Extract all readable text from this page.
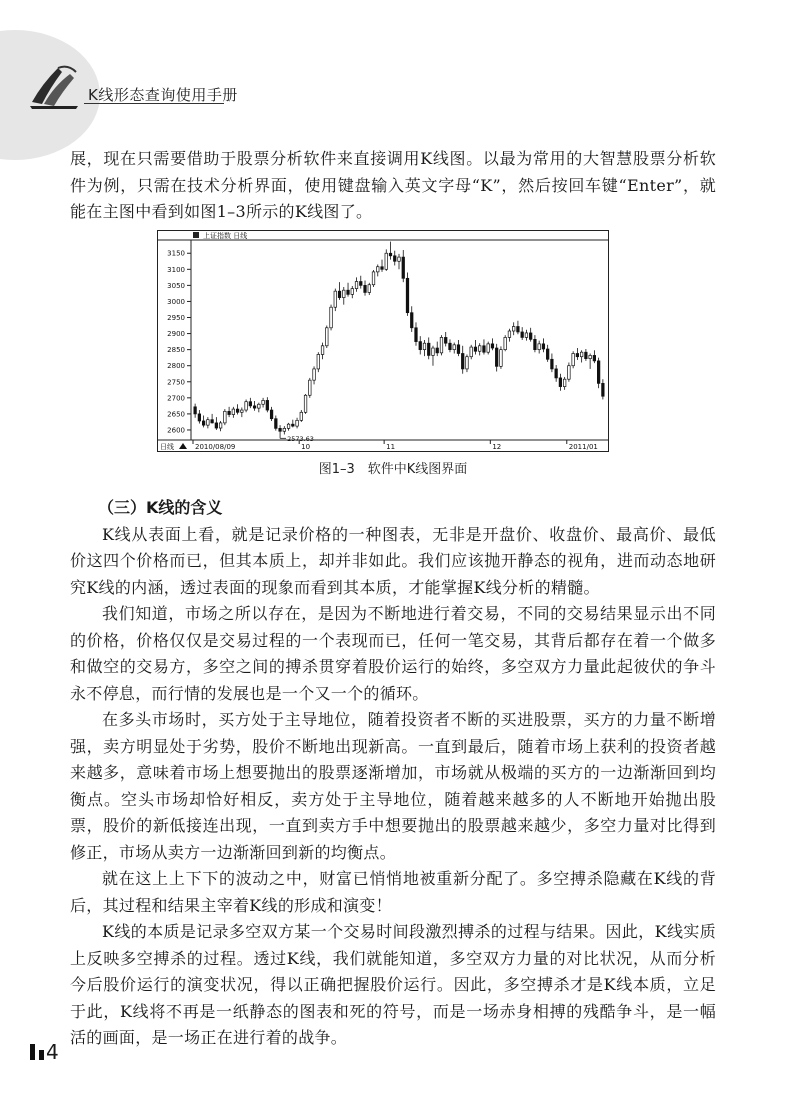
K线形态查询使用手册

展，现在只需要借助于股票分析软件来直接调用K线图。以最为常用的大智慧股票分析软件为例，只需在技术分析界面，使用键盘输入英文字母“K”，然后按回车键“Enter”，就能在主图中看到如图1–3所示的K线图了。

上证指数 日线
日线
2600
2650
2700
2750
2800
2850
2900
2950
3000
3050
3100
3150
2010/08/09	10	11	12	2011/01
2573.63
图1–3　软件中K线图界面

（三）K线的含义

K线从表面上看，就是记录价格的一种图表，无非是开盘价、收盘价、最高价、最低价这四个价格而已，但其本质上，却并非如此。我们应该抛开静态的视角，进而动态地研究K线的内涵，透过表面的现象而看到其本质，才能掌握K线分析的精髓。

我们知道，市场之所以存在，是因为不断地进行着交易，不同的交易结果显示出不同的价格，价格仅仅是交易过程的一个表现而已，任何一笔交易，其背后都存在着一个做多和做空的交易方，多空之间的搏杀贯穿着股价运行的始终，多空双方力量此起彼伏的争斗永不停息，而行情的发展也是一个又一个的循环。

在多头市场时，买方处于主导地位，随着投资者不断的买进股票，买方的力量不断增强，卖方明显处于劣势，股价不断地出现新高。一直到最后，随着市场上获利的投资者越来越多，意味着市场上想要抛出的股票逐渐增加，市场就从极端的买方的一边渐渐回到均衡点。空头市场却恰好相反，卖方处于主导地位，随着越来越多的人不断地开始抛出股票，股价的新低接连出现，一直到卖方手中想要抛出的股票越来越少，多空力量对比得到修正，市场从卖方一边渐渐回到新的均衡点。

就在这上上下下的波动之中，财富已悄悄地被重新分配了。多空搏杀隐藏在K线的背后，其过程和结果主宰着K线的形成和演变！

K线的本质是记录多空双方某一个交易时间段激烈搏杀的过程与结果。因此，K线实质上反映多空搏杀的过程。透过K线，我们就能知道，多空双方力量的对比状况，从而分析今后股价运行的演变状况，得以正确把握股价运行。因此，多空搏杀才是K线本质，立足于此，K线将不再是一纸静态的图表和死的符号，而是一场赤身相搏的残酷争斗，是一幅活的画面，是一场正在进行着的战争。

4
